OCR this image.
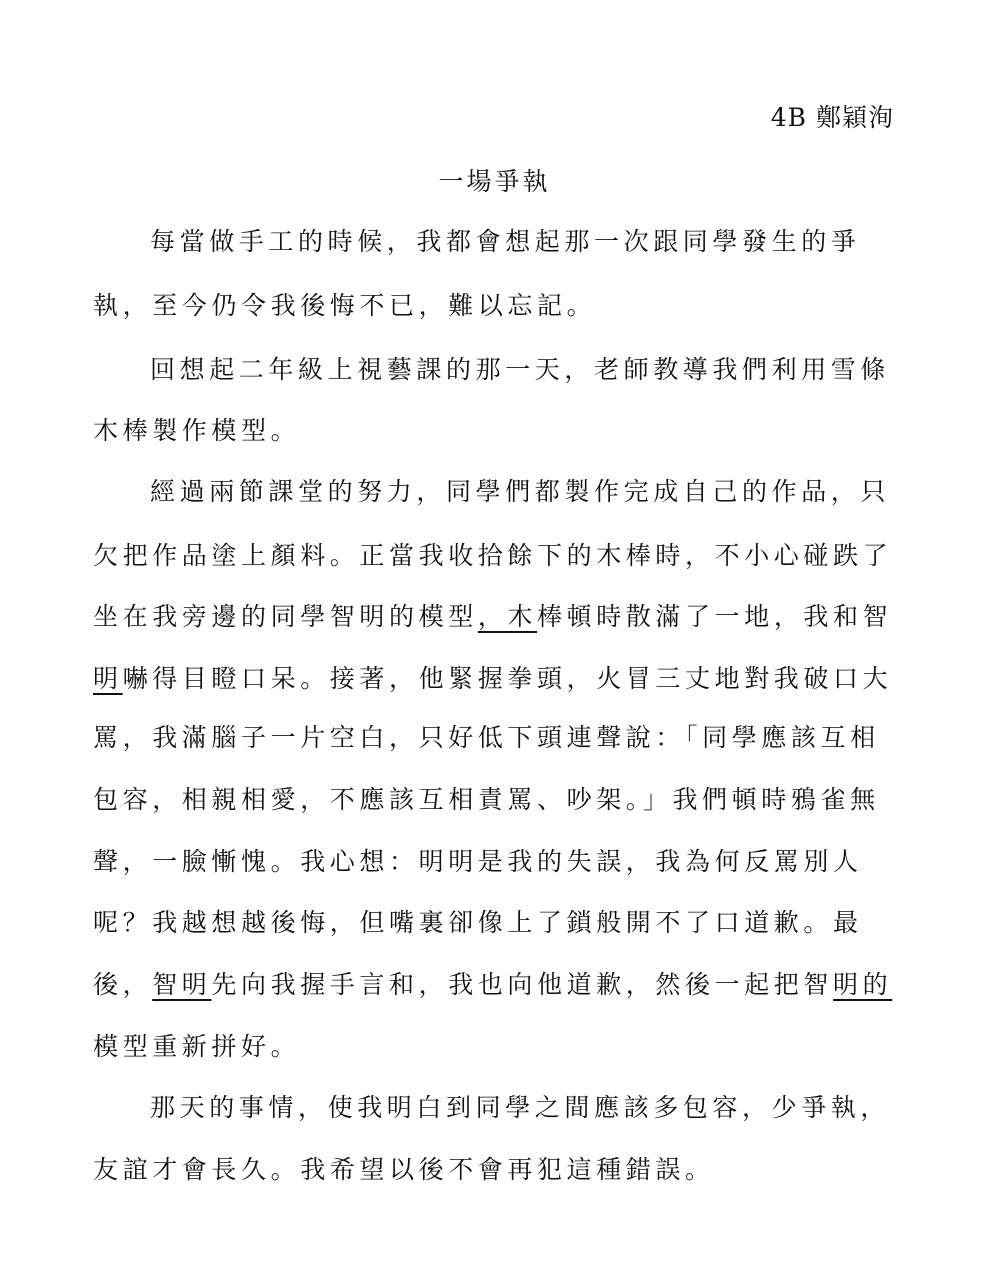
4B 鄭穎洵
一場爭執
每當做手工的時候，我都會想起那一次跟同學發生的爭
執，至今仍令我後悔不已，難以忘記。
回想起二年級上視藝課的那一天，老師教導我們利用雪條
木棒製作模型。
經過兩節課堂的努力，同學們都製作完成自己的作品，只
欠把作品塗上顏料。正當我收拾餘下的木棒時，不小心碰跌了
坐在我旁邊的同學智明的模型，木棒頓時散滿了一地，我和智
明嚇得目瞪口呆。接著，他緊握拳頭，火冒三丈地對我破口大
罵，我滿腦子一片空白，只好低下頭連聲說：「同學應該互相
包容，相親相愛，不應該互相責罵、吵架。」我們頓時鴉雀無
聲，一臉慚愧。我心想：明明是我的失誤，我為何反罵別人
呢？我越想越後悔，但嘴裏卻像上了鎖般開不了口道歉。最
後，智明先向我握手言和，我也向他道歉，然後一起把智明的
模型重新拼好。
那天的事情，使我明白到同學之間應該多包容，少爭執，
友誼才會長久。我希望以後不會再犯這種錯誤。
